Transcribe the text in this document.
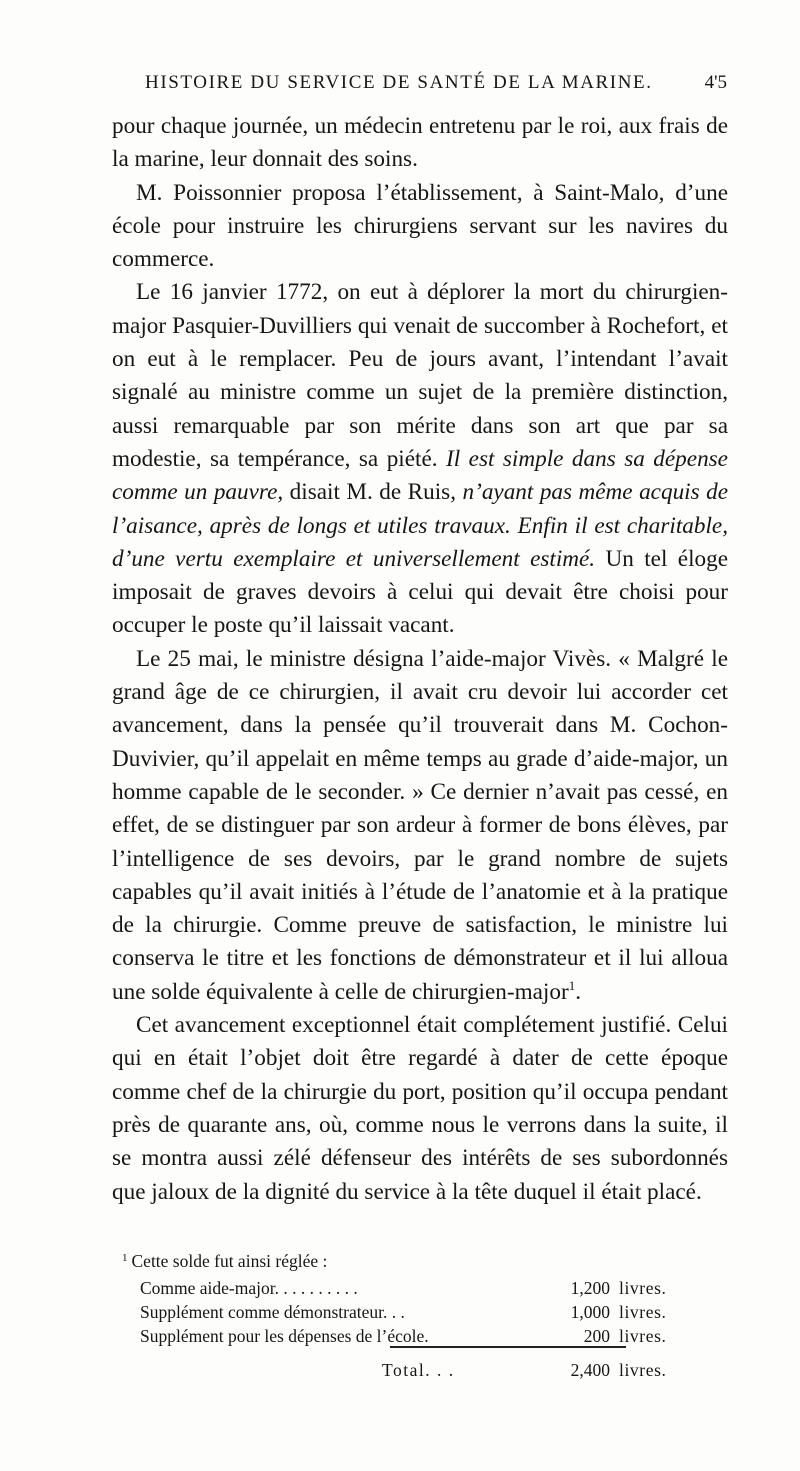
HISTOIRE DU SERVICE DE SANTÉ DE LA MARINE.	4'5

pour chaque journée, un médecin entretenu par le roi, aux frais de la marine, leur donnait des soins.

M. Poissonnier proposa l’établissement, à Saint-Malo, d’une école pour instruire les chirurgiens servant sur les navires du commerce.

Le 16 janvier 1772, on eut à déplorer la mort du chirurgien-major Pasquier-Duvilliers qui venait de succomber à Rochefort, et on eut à le remplacer. Peu de jours avant, l’intendant l’avait signalé au ministre comme un sujet de la première distinction, aussi remarquable par son mérite dans son art que par sa modestie, sa tempérance, sa piété. Il est simple dans sa dépense comme un pauvre, disait M. de Ruis, n’ayant pas même acquis de l’aisance, après de longs et utiles travaux. Enfin il est charitable, d’une vertu exemplaire et universellement estimé. Un tel éloge imposait de graves devoirs à celui qui devait être choisi pour occuper le poste qu’il laissait vacant.

Le 25 mai, le ministre désigna l’aide-major Vivès. « Malgré le grand âge de ce chirurgien, il avait cru devoir lui accorder cet avancement, dans la pensée qu’il trouverait dans M. Cochon-Duvivier, qu’il appelait en même temps au grade d’aide-major, un homme capable de le seconder. » Ce dernier n’avait pas cessé, en effet, de se distinguer par son ardeur à former de bons élèves, par l’intelligence de ses devoirs, par le grand nombre de sujets capables qu’il avait initiés à l’étude de l’anatomie et à la pratique de la chirurgie. Comme preuve de satisfaction, le ministre lui conserva le titre et les fonctions de démonstrateur et il lui alloua une solde équivalente à celle de chirurgien-major$^1$.

Cet avancement exceptionnel était complétement justifié. Celui qui en était l’objet doit être regardé à dater de cette époque comme chef de la chirurgie du port, position qu’il occupa pendant près de quarante ans, où, comme nous le verrons dans la suite, il se montra aussi zélé défenseur des intérêts de ses subordonnés que jaloux de la dignité du service à la tête duquel il était placé.

$^1$ Cette solde fut ainsi réglée :

Comme aide-major. . . . . . . . . .	1,200 livres.
Supplément comme démonstrateur. . .	1,000 livres.
Supplément pour les dépenses de l’école.	200 livres.
Total. . .	2,400 livres.
